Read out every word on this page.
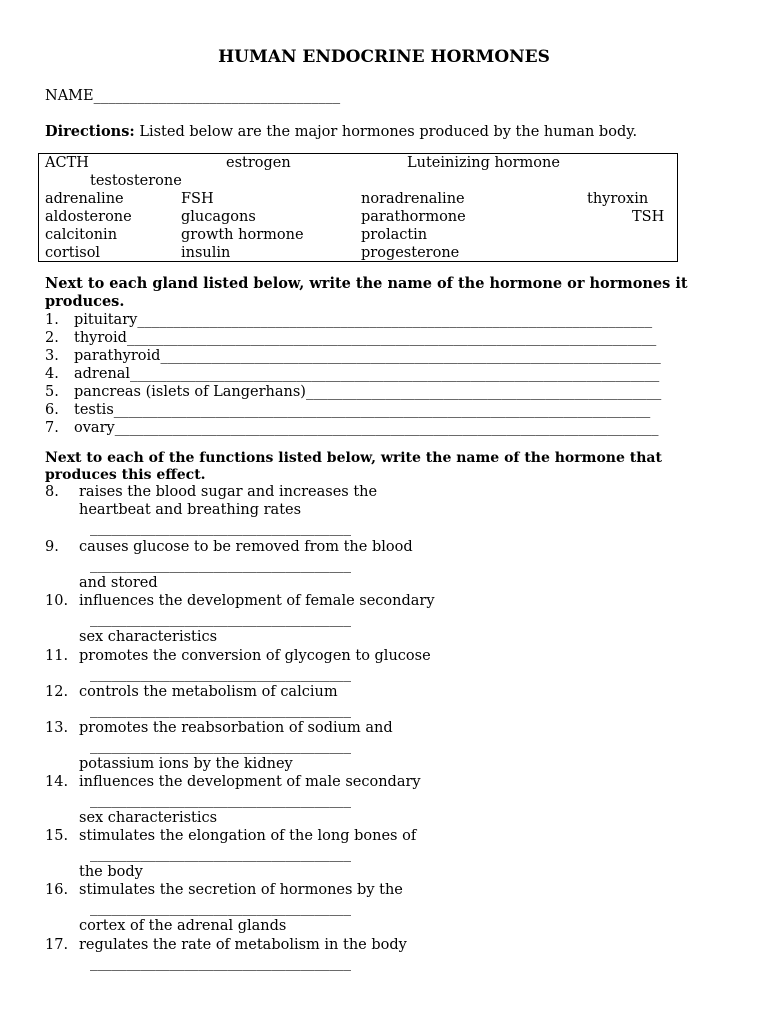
HUMAN ENDOCRINE HORMONES
NAME__________________________________
Directions: Listed below are the major hormones produced by the human body.
ACTH	estrogen	Luteinizing hormone
testosterone
adrenaline	FSH	noradrenaline	thyroxin
aldosterone	glucagons	parathormone	TSH
calcitonin	growth hormone	prolactin
cortisol	insulin	progesterone
Next to each gland listed below, write the name of the hormone or hormones it
produces.
1. pituitary_______________________________________________________________________
2. thyroid_________________________________________________________________________
3. parathyroid_____________________________________________________________________
4. adrenal_________________________________________________________________________
5. pancreas (islets of Langerhans)_________________________________________________
6. testis__________________________________________________________________________
7. ovary___________________________________________________________________________
Next to each of the functions listed below, write the name of the hormone that
produces this effect.
8. raises the blood sugar and increases the
heartbeat and breathing rates
____________________________________
9. causes glucose to be removed from the blood
____________________________________
and stored
10. influences the development of female secondary
____________________________________
sex characteristics
11. promotes the conversion of glycogen to glucose
____________________________________
12. controls the metabolism of calcium
____________________________________
13. promotes the reabsorbation of sodium and
____________________________________
potassium ions by the kidney
14. influences the development of male secondary
____________________________________
sex characteristics
15. stimulates the elongation of the long bones of
____________________________________
the body
16. stimulates the secretion of hormones by the
____________________________________
cortex of the adrenal glands
17. regulates the rate of metabolism in the body
____________________________________
